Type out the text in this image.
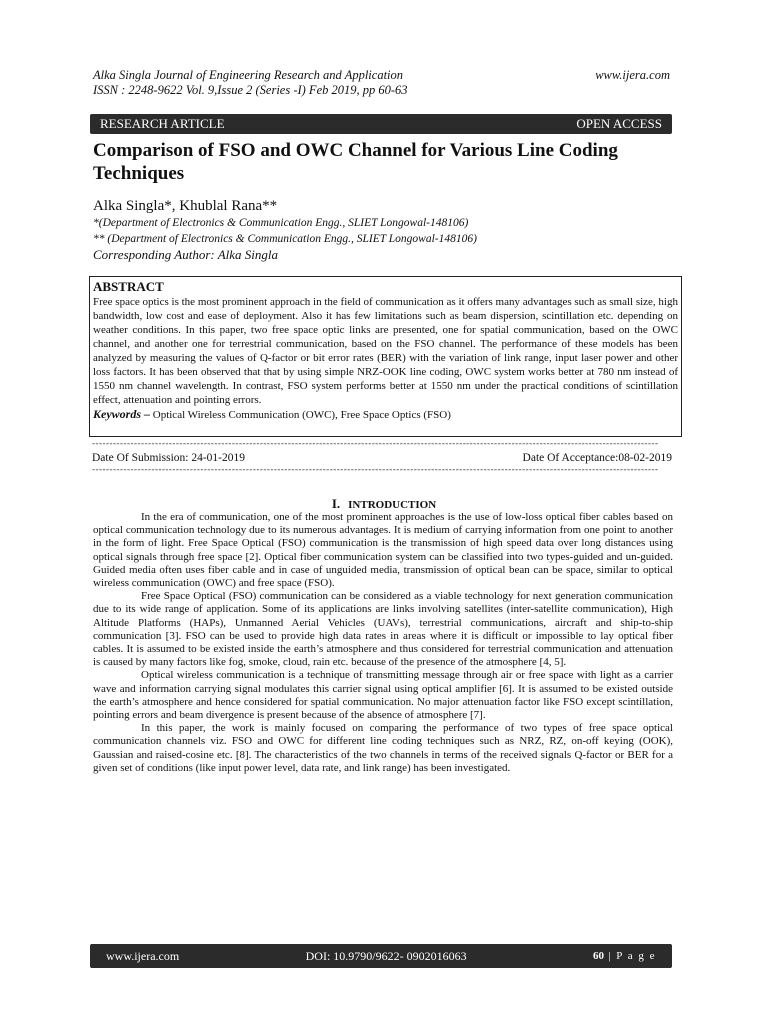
Alka Singla Journal of Engineering Research and Application
ISSN : 2248-9622 Vol. 9,Issue 2 (Series -I) Feb 2019, pp 60-63
www.ijera.com
RESEARCH ARTICLE	OPEN ACCESS
Comparison of FSO and OWC Channel for Various Line Coding Techniques
Alka Singla*, Khublal Rana**
*(Department of Electronics & Communication Engg., SLIET Longowal-148106)
** (Department of Electronics & Communication Engg., SLIET Longowal-148106)
Corresponding Author: Alka Singla
ABSTRACT
Free space optics is the most prominent approach in the field of communication as it offers many advantages such as small size, high bandwidth, low cost and ease of deployment. Also it has few limitations such as beam dispersion, scintillation etc. depending on weather conditions. In this paper, two free space optic links are presented, one for spatial communication, based on the OWC channel, and another one for terrestrial communication, based on the FSO channel. The performance of these models has been analyzed by measuring the values of Q-factor or bit error rates (BER) with the variation of link range, input laser power and other loss factors. It has been observed that that by using simple NRZ-OOK line coding, OWC system works better at 780 nm instead of 1550 nm channel wavelength. In contrast, FSO system performs better at 1550 nm under the practical conditions of scintillation effect, attenuation and pointing errors.
Keywords – Optical Wireless Communication (OWC), Free Space Optics (FSO)
------------------------------------------------------------------------------------------------------------------------------------------------------------------
Date Of Submission: 24-01-2019	Date Of Acceptance:08-02-2019
------------------------------------------------------------------------------------------------------------------------------------------------------------------
I. INTRODUCTION

In the era of communication, one of the most prominent approaches is the use of low-loss optical fiber cables based on optical communication technology due to its numerous advantages. It is medium of carrying information from one point to another in the form of light. Free Space Optical (FSO) communication is the transmission of high speed data over long distances using optical signals through free space [2]. Optical fiber communication system can be classified into two types-guided and un-guided. Guided media often uses fiber cable and in case of unguided media, transmission of optical bean can be space, similar to optical wireless communication (OWC) and free space (FSO).

Free Space Optical (FSO) communication can be considered as a viable technology for next generation communication due to its wide range of application. Some of its applications are links involving satellites (inter-satellite communication), High Altitude Platforms (HAPs), Unmanned Aerial Vehicles (UAVs), terrestrial communications, aircraft and ship-to-ship communication [3]. FSO can be used to provide high data rates in areas where it is difficult or impossible to lay optical fiber cables. It is assumed to be existed inside the earth’s atmosphere and thus considered for terrestrial communication and attenuation is caused by many factors like fog, smoke, cloud, rain etc. because of the presence of the atmosphere [4, 5].

Optical wireless communication is a technique of transmitting message through air or free space with light as a carrier wave and information carrying signal modulates this carrier signal using optical amplifier [6]. It is assumed to be existed outside the earth’s atmosphere and hence considered for spatial communication. No major attenuation factor like FSO except scintillation, pointing errors and beam divergence is present because of the absence of atmosphere [7].

In this paper, the work is mainly focused on comparing the performance of two types of free space optical communication channels viz. FSO and OWC for different line coding techniques such as NRZ, RZ, on-off keying (OOK), Gaussian and raised-cosine etc. [8]. The characteristics of the two channels in terms of the received signals Q-factor or BER for a given set of conditions (like input power level, data rate, and link range) has been investigated.

www.ijera.com	DOI: 10.9790/9622- 0902016063	60 | P a g e
